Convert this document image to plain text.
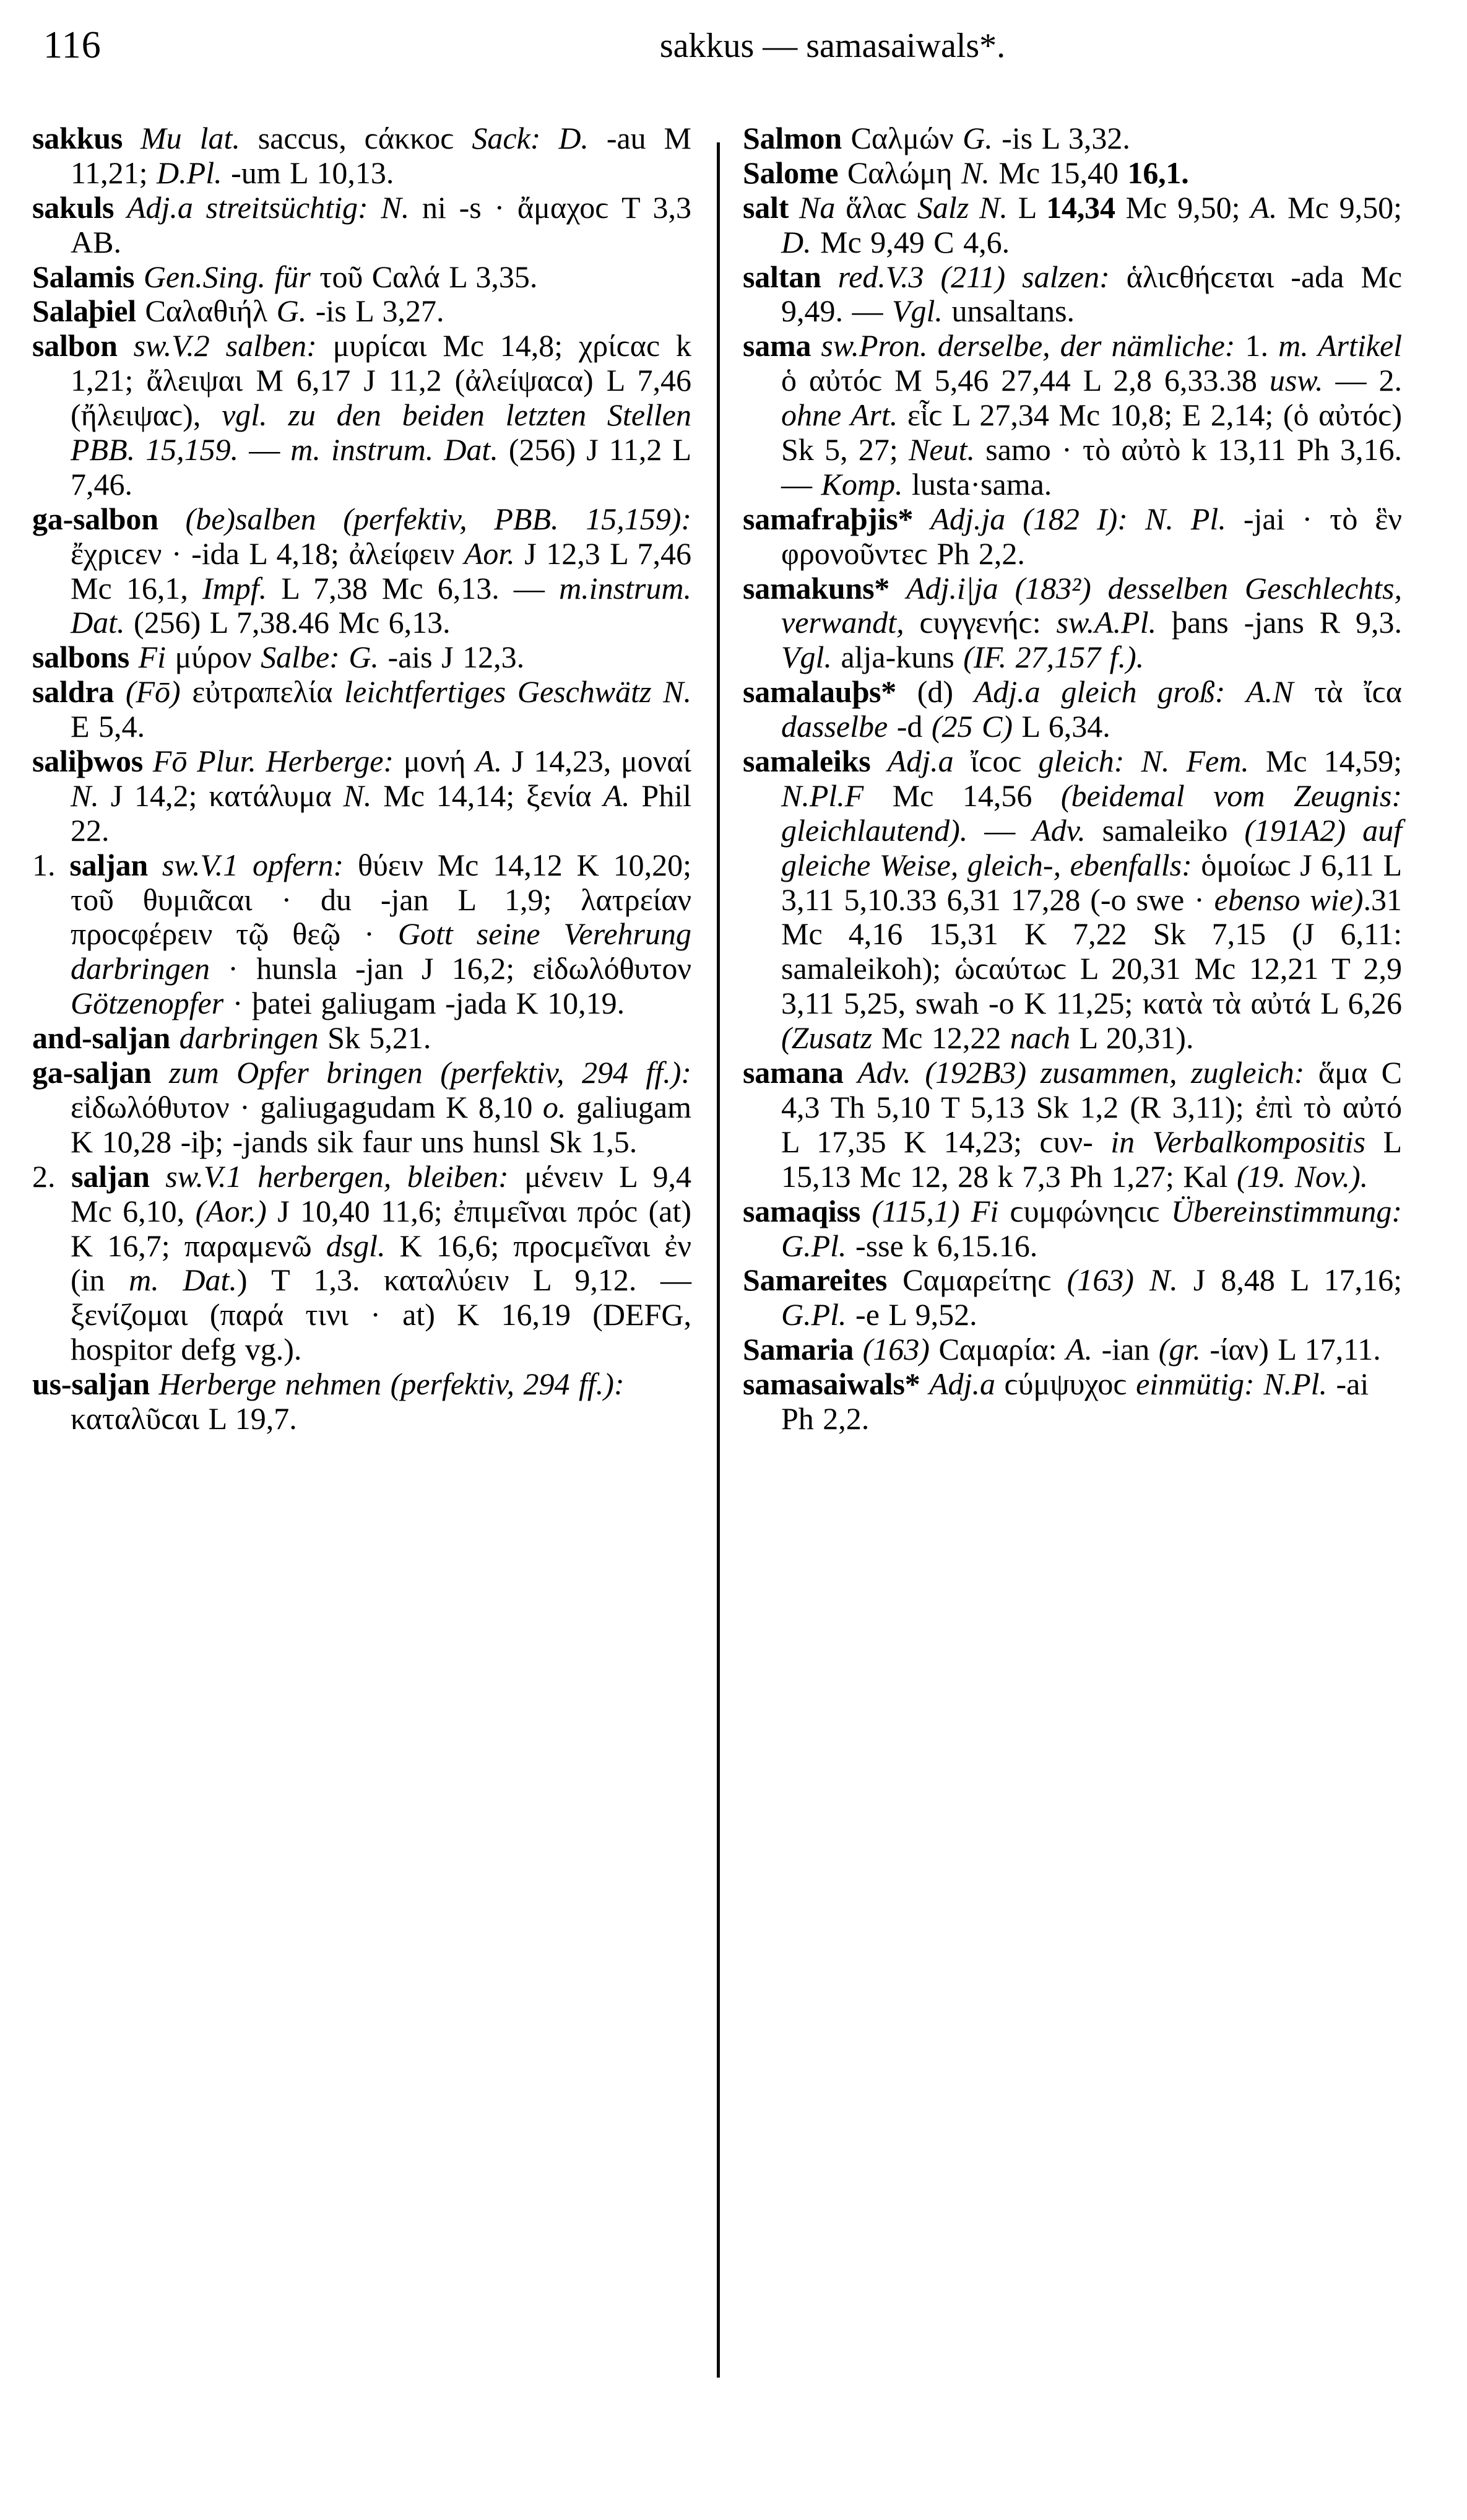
116	sakkus — samasaiwals*.

sakkus Mu lat. saccus, ϲάκκοϲ Sack: D. -au M 11,21; D.Pl. -um L 10,13.

sakuls Adj.a streitsüchtig: N. ni -s · ἄμαχοϲ T 3,3 AB.

Salamis Gen.Sing. für τοῦ Ϲαλά L 3,35.

Salaþiel Ϲαλαθιήλ G. -is L 3,27.

salbon sw.V.2 salben: μυρίϲαι Mc 14,8; χρίϲαc k 1,21; ἄλειψαι M 6,17 J 11,2 (ἀλείψαϲα) L 7,46 (ἤλειψαϲ), vgl. zu den beiden letzten Stellen PBB. 15,159. — m. instrum. Dat. (256) J 11,2 L 7,46.

ga-salbon (be)salben (perfektiv, PBB. 15,159): ἔχριϲεν · -ida L 4,18; ἀλείφειν Aor. J 12,3 L 7,46 Mc 16,1, Impf. L 7,38 Mc 6,13. — m.instrum. Dat. (256) L 7,38.46 Mc 6,13.

salbons Fi μύρον Salbe: G. -ais J 12,3.

saldra (Fō) εὐτραπελία leichtfertiges Geschwätz N. E 5,4.

saliþwos Fō Plur. Herberge: μονή A. J 14,23, μοναί N. J 14,2; κατάλυμα N. Mc 14,14; ξενία A. Phil 22.

1. saljan sw.V.1 opfern: θύειν Mc 14,12 K 10,20; τοῦ θυμιᾶϲαι · du -jan L 1,9; λατρείαν προϲφέρειν τῷ θεῷ · Gott seine Verehrung darbringen · hunsla -jan J 16,2; εἰδωλόθυτον Götzenopfer · þatei galiugam -jada K 10,19.

and-saljan darbringen Sk 5,21.

ga-saljan zum Opfer bringen (perfektiv, 294 ff.): εἰδωλόθυτον · galiugagudam K 8,10 o. galiugam K 10,28 -iþ; -jands sik faur uns hunsl Sk 1,5.

2. saljan sw.V.1 herbergen, bleiben: μένειν L 9,4 Mc 6,10, (Aor.) J 10,40 11,6; ἐπιμεῖναι πρόc (at) K 16,7; παραμενῶ dsgl. K 16,6; προϲμεῖναι ἐν (in m. Dat.) T 1,3. καταλύειν L 9,12. — ξενίζομαι (παρά τινι · at) K 16,19 (DEFG, hospitor defg vg.).

us-saljan Herberge nehmen (perfektiv, 294 ff.): καταλῦϲαι L 19,7.

Salmon Ϲαλμών G. -is L 3,32.

Salome Ϲαλώμη N. Mc 15,40 16,1.

salt Na ἅλαϲ Salz N. L 14,34 Mc 9,50; A. Mc 9,50; D. Mc 9,49 C 4,6.

saltan red.V.3 (211) salzen: ἁλιϲθήϲεται -ada Mc 9,49. — Vgl. unsaltans.

sama sw.Pron. derselbe, der nämliche: 1. m. Artikel ὁ αὐτόϲ M 5,46 27,44 L 2,8 6,33.38 usw. — 2. ohne Art. εἷϲ L 27,34 Mc 10,8; E 2,14; (ὁ αὐτόϲ) Sk 5, 27; Neut. samo · τὸ αὐτὸ k 13,11 Ph 3,16. — Komp. lusta·sama.

samafraþjis* Adj.ja (182 I): N. Pl. -jai · τὸ ἓν φρονοῦντεϲ Ph 2,2.

samakuns* Adj.i|ja (183²) desselben Geschlechts, verwandt, ϲυγγενήϲ: sw.A.Pl. þans -jans R 9,3. Vgl. alja-kuns (IF. 27,157 f.).

samalauþs* (d) Adj.a gleich groß: A.N τὰ ἴϲα dasselbe -d (25 C) L 6,34.

samaleiks Adj.a ἴϲοϲ gleich: N. Fem. Mc 14,59; N.Pl.F Mc 14,56 (beidemal vom Zeugnis: gleichlautend). — Adv. samaleiko (191A2) auf gleiche Weise, gleich-, ebenfalls: ὁμοίωϲ J 6,11 L 3,11 5,10.33 6,31 17,28 (-o swe · ebenso wie).31 Mc 4,16 15,31 K 7,22 Sk 7,15 (J 6,11: samaleikoh); ὡϲαύτωϲ L 20,31 Mc 12,21 T 2,9 3,11 5,25, swah -o K 11,25; κατὰ τὰ αὐτά L 6,26 (Zusatz Mc 12,22 nach L 20,31).

samana Adv. (192B3) zusammen, zugleich: ἅμα C 4,3 Th 5,10 T 5,13 Sk 1,2 (R 3,11); ἐπὶ τὸ αὐτό L 17,35 K 14,23; ϲυν- in Verbalkompositis L 15,13 Mc 12, 28 k 7,3 Ph 1,27; Kal (19. Nov.).

samaqiss (115,1) Fi ϲυμφώνηϲιϲ Übereinstimmung: G.Pl. -sse k 6,15.16.

Samareites Ϲαμαρείτηϲ (163) N. J 8,48 L 17,16; G.Pl. -e L 9,52.

Samaria (163) Ϲαμαρία: A. -ian (gr. -ίαν) L 17,11.

samasaiwals* Adj.a ϲύμψυχοϲ einmütig: N.Pl. -ai Ph 2,2.
